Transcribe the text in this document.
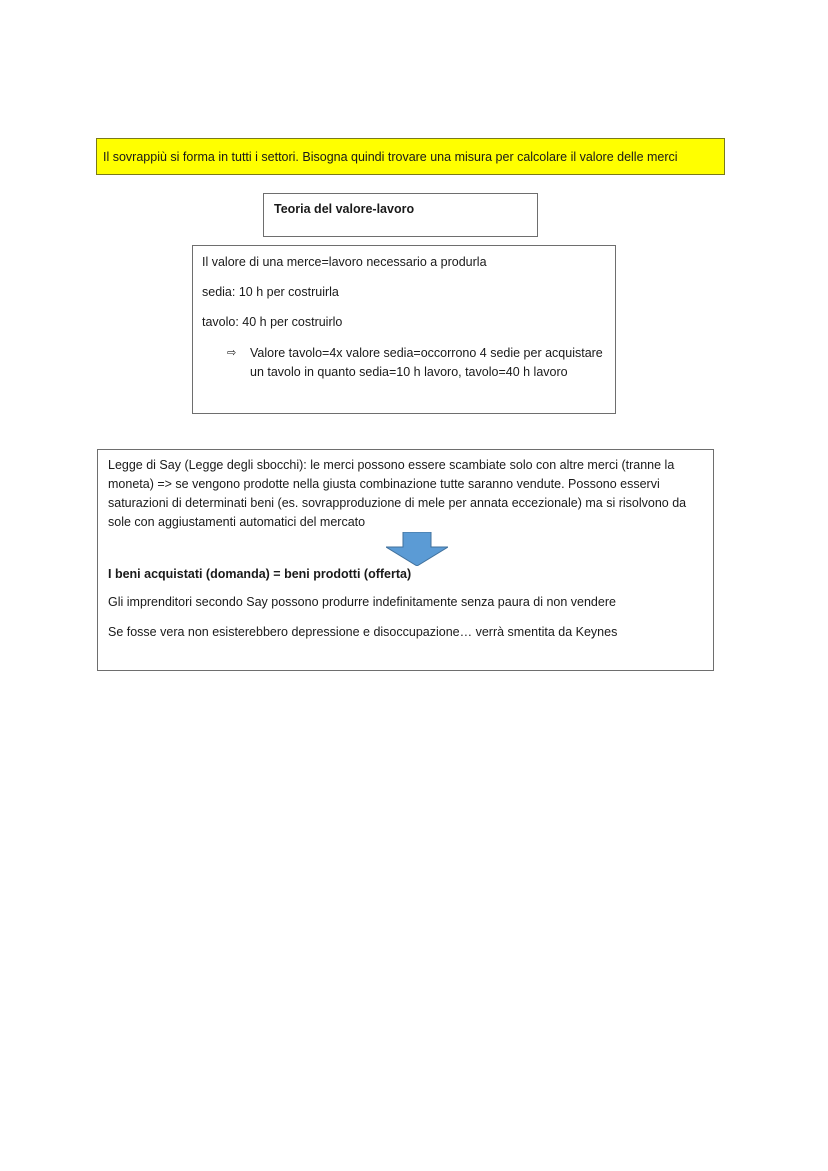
Il sovrappiù si forma in tutti i settori. Bisogna quindi trovare una misura per calcolare il valore delle merci
Teoria del valore-lavoro

Il valore di una merce=lavoro necessario a produrla

sedia: 10 h per costruirla

tavolo: 40 h per costruirlo

⇨ Valore tavolo=4x valore sedia=occorrono 4 sedie per acquistare un tavolo in quanto sedia=10 h lavoro, tavolo=40 h lavoro

Legge di Say (Legge degli sbocchi): le merci possono essere scambiate solo con altre merci (tranne la moneta) => se vengono prodotte nella giusta combinazione tutte saranno vendute. Possono esservi saturazioni di determinati beni (es. sovrapproduzione di mele per annata eccezionale) ma si risolvono da sole con aggiustamenti automatici del mercato

I beni acquistati (domanda) = beni prodotti (offerta)

Gli imprenditori secondo Say possono produrre indefinitamente senza paura di non vendere

Se fosse vera non esisterebbero depressione e disoccupazione… verrà smentita da Keynes
